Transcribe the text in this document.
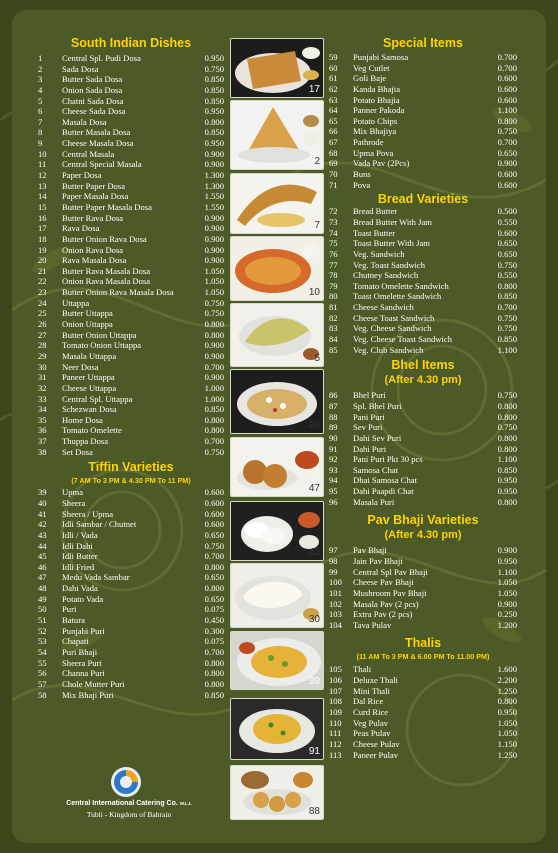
South Indian Dishes
1	Central Spl. Pudi Dosa	0.950
2	Sada Dosa	0.750
3	Butter Sada Dosa	0.850
4	Onion Sada Dosa	0.850
5	Chatni Sada Dosa	0.850
6	Cheese Sada Dosa	0.950
7	Masala Dosa	0.800
8	Butter Masala Dosa	0.850
9	Cheese Masala Dosa	0.950
10	Central Masala	0.900
11	Central Special Masala	0.900
12	Paper Dosa	1.300
13	Butter Paper Dosa	1.300
14	Paper Masala Dosa	1.550
15	Butter Paper Masala Dosa	1.550
16	Butter Rava Dosa	0.900
17	Rava Dosa	0.900
18	Butter Onion Rava Dosa	0.900
19	Onion Rava Dosa	0.900
20	Rava Masala Dosa	0.900
21	Butter Rava Masala Dosa	1.050
22	Onion Rava Masala Dosa	1.050
23	Butter Onion Rava Masala Dosa	1.050
24	Uttappa	0.750
25	Butter Uttappa	0.750
26	Onion Uttappa	0.800
27	Butter Onion Uttappa	0.800
28	Tomato Onion Uttappa	0.900
29	Masala Uttappa	0.900
30	Neer Dosa	0.700
31	Paneer Uttappa	0.900
32	Cheese Uttappa	1.000
33	Central Spl. Uttappa	1.000
34	Schezwan Dosa	0.850
35	Home Dosa	0.800
36	Tomato Omelette	0.800
37	Thuppa Dosa	0.700
38	Set Dosa	0.750
Tiffin Varieties
(7 AM To 3 PM & 4.30 PM To 11 PM)
39	Upma	0.600
40	Sheera	0.600
41	Sheera / Upma	0.600
42	Idli Sambar / Chutnet	0.600
43	Idli / Vada	0.650
44	Idli Dahi	0.750
45	Idli Butter	0.700
46	Idli Fried	0.800
47	Medu Vada Sambar	0.650
48	Dahi Vada	0.800
49	Potato Vada	0.650
50	Puri	0.075
51	Batura	0.450
52	Punjabi Puri	0.300
53	Chapati	0.075
54	Puri Bhaji	0.700
55	Sheera Puri	0.800
56	Channa Puri	0.800
57	Chole Mutter Puri	0.800
58	Mix Bhaji Puri	0.850
Special Items
59	Punjabi Samosa	0.700
60	Veg Cutlet	0.700
61	Goli Baje	0.600
62	Kanda Bhajia	0.600
63	Potato Bhajia	0.600
64	Panner Pakoda	1.100
65	Potato Chips	0.800
66	Mix Bhajiya	0.750
67	Pathrode	0.700
68	Upma Pova	0.650
69	Vada Pav (2Pcs)	0.900
70	Buns	0.600
71	Pova	0.600
Bread Varieties
72	Bread Butter	0.500
73	Bread Butter With Jam	0.550
74	Toast Butter	0.600
75	Toast Butter With Jam	0.650
76	Veg. Sandwich	0.650
77	Veg. Toast Sandwich	0.750
78	Chutney Sandwich	0.550
79	Tomato Omelette Sandwich	0.800
80	Toast Omelette Sandwich	0.850
81	Cheese Sandwich	0.700
82	Cheese Toast Sandwich	0.750
83	Veg. Cheese Sandwich	0.750
84	Veg. Cheese Toast Sandwich	0.850
85	Veg. Club Sandwich	1.100
Bhel Items
(After 4.30 pm)
86	Bhel Puri	0.750
87	Spl. Bhel Puri	0.800
88	Pani Puri	0.800
89	Sev Puri	0.750
90	Dahi Sev Puri	0.800
91	Dahi Puri	0.800
92	Pani Puri Pkt 30 pcs	1.100
93	Samosa Chat	0.850
94	Dhai Samosa Chat	0.950
95	Dahi Paapdi Chat	0.950
96	Masala Puri	0.800
Pav Bhaji Varieties
(After 4.30 pm)
97	Pav Bhaji	0.900
98	Jain Pav Bhaji	0.950
99	Central Spl Pav Bhaji	1.100
100	Cheese Pav Bhaji	1.050
101	Mushroom Pav Bhaji	1.050
102	Masala Pav (2 pcs)	0.900
103	Extra Pav (2 pcs)	0.250
104	Tava Pulav	1.200
Thalis
(11 AM To 3 PM & 6.00 PM To 11.00 PM)
105	Thali	1.600
106	Deluxe Thali	2.200
107	Mini Thali	1.250
108	Dal Rice	0.800
109	Curd Rice	0.950
110	Veg Pulav	1.050
111	Peas Pulav	1.050
112	Cheese Pulav	1.150
113	Paneer Pulav	1.250
17
2
7
10
5
26
47
42
30
89
91
88
Central International Catering Co. W.L.L
Tubli - Kingdom of Bahrain
